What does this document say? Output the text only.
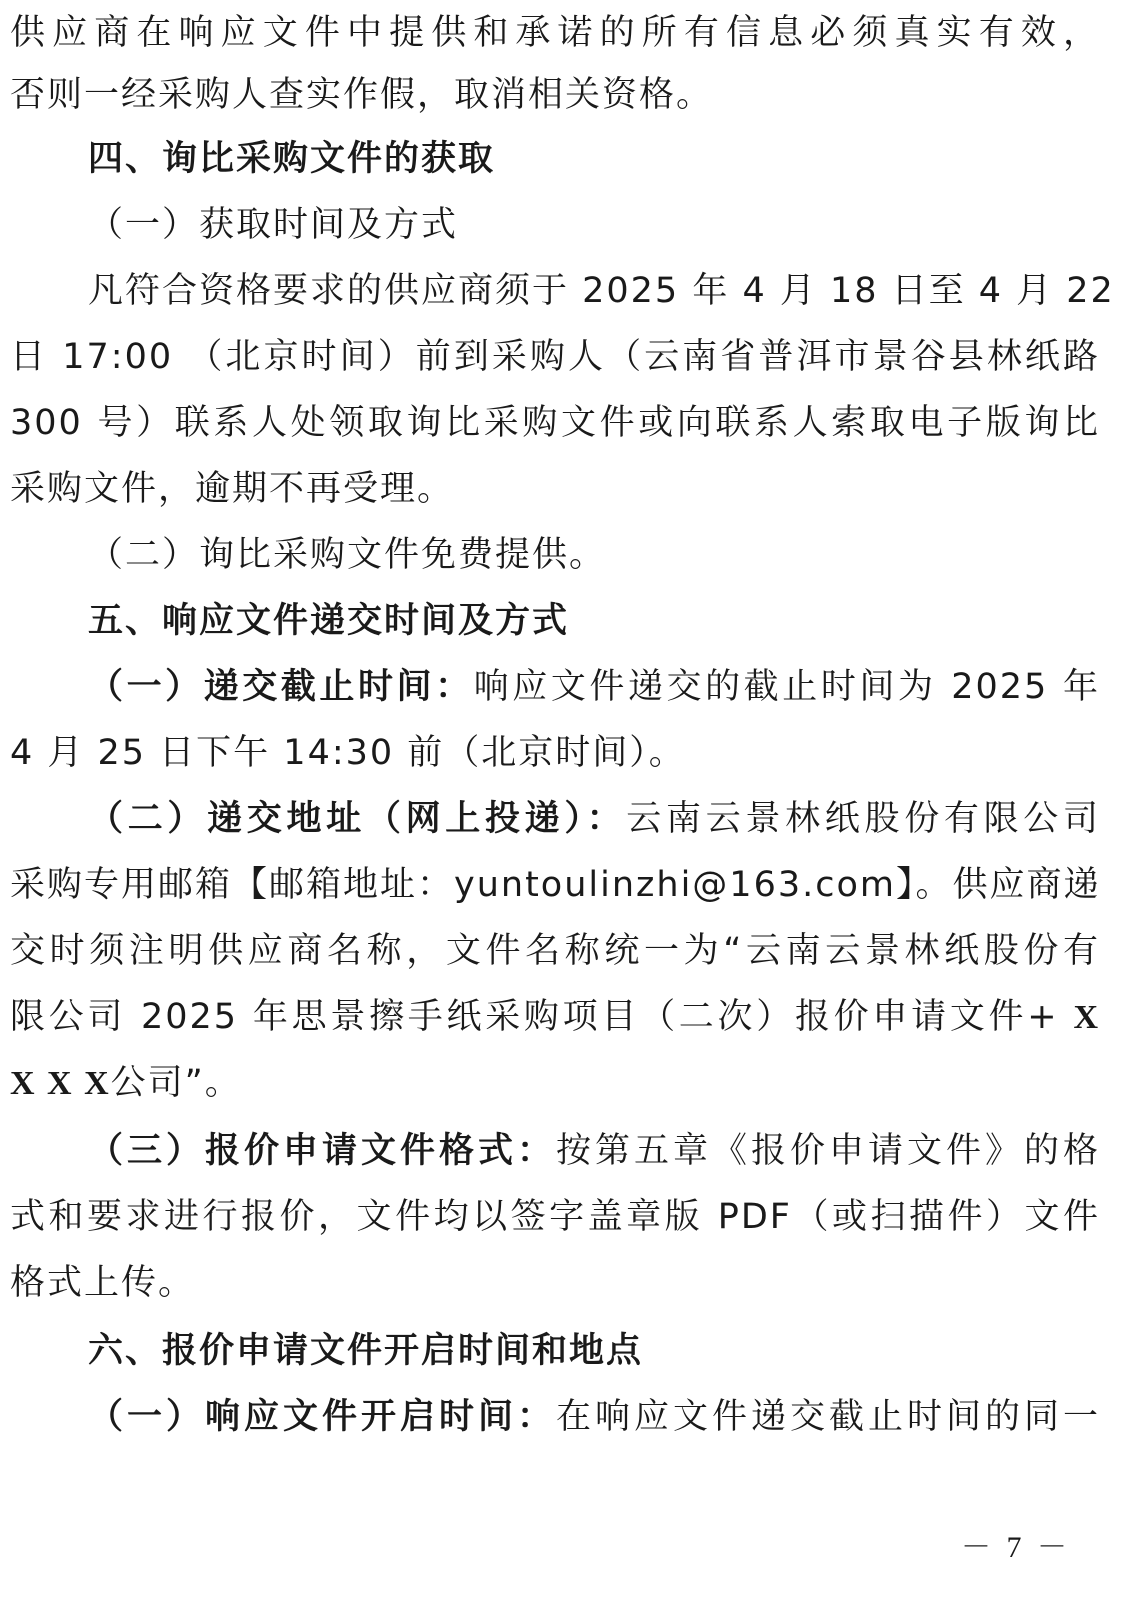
供应商在响应文件中提供和承诺的所有信息必须真实有效，
否则一经采购人查实作假，取消相关资格。
四、询比采购文件的获取
（一）获取时间及方式
凡符合资格要求的供应商须于 2025 年 4 月 18 日至 4 月 22
日 17:00 （北京时间）前到采购人（云南省普洱市景谷县林纸路
300 号）联系人处领取询比采购文件或向联系人索取电子版询比
采购文件，逾期不再受理。
（二）询比采购文件免费提供。
五、响应文件递交时间及方式
（一）递交截止时间：响应文件递交的截止时间为 2025 年
4 月 25 日下午 14:30 前（北京时间）。
（二）递交地址（网上投递）：云南云景林纸股份有限公司
采购专用邮箱【邮箱地址：yuntoulinzhi@163.com】。供应商递
交时须注明供应商名称，文件名称统一为“云南云景林纸股份有
限公司 2025 年思景擦手纸采购项目（二次）报价申请文件+ X
X X X公司”。
（三）报价申请文件格式：按第五章《报价申请文件》的格
式和要求进行报价，文件均以签字盖章版 PDF（或扫描件）文件
格式上传。
六、报价申请文件开启时间和地点
（一）响应文件开启时间：在响应文件递交截止时间的同一
－ 7 －
